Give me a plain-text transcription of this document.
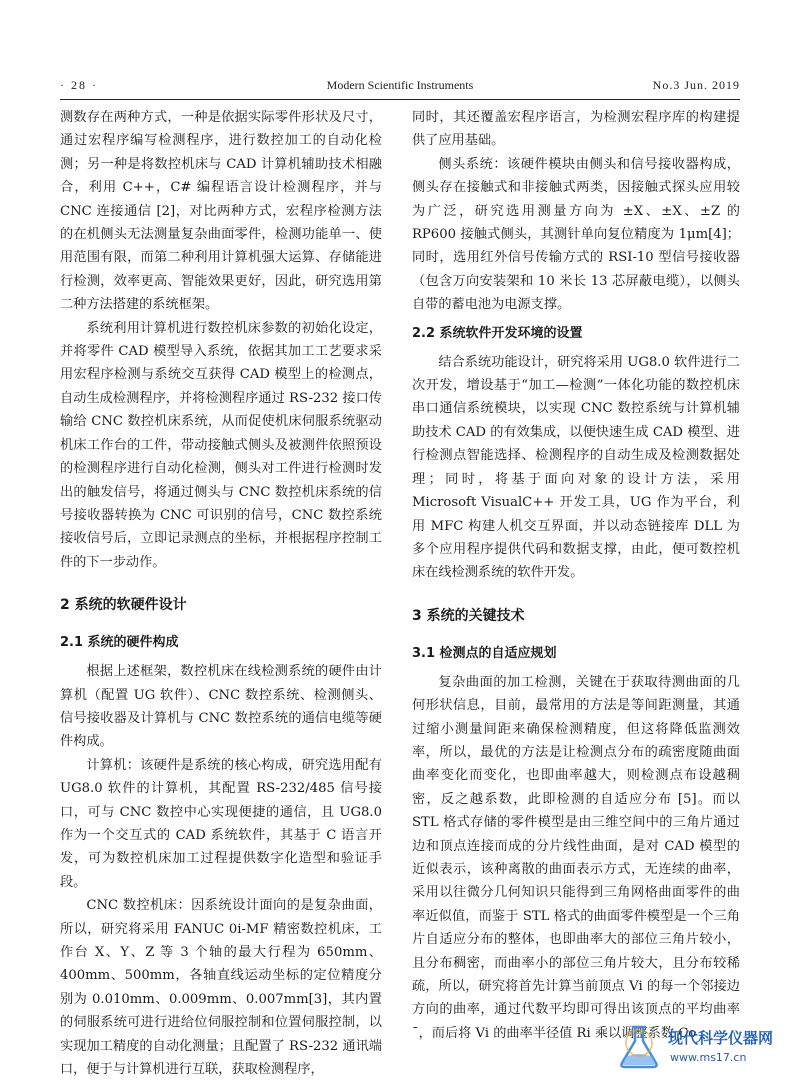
· 28 ·	Modern Scientific Instruments	No.3 Jun. 2019

测数存在两种方式，一种是依据实际零件形状及尺寸，通过宏程序编写检测程序，进行数控加工的自动化检测；另一种是将数控机床与 CAD 计算机辅助技术相融合，利用 C++，C# 编程语言设计检测程序，并与 CNC 连接通信 [2]，对比两种方式，宏程序检测方法的在机侧头无法测量复杂曲面零件，检测功能单一、使用范围有限，而第二种利用计算机强大运算、存储能进行检测，效率更高、智能效果更好，因此，研究选用第二种方法搭建的系统框架。

系统利用计算机进行数控机床参数的初始化设定，并将零件 CAD 模型导入系统，依据其加工工艺要求采用宏程序检测与系统交互获得 CAD 模型上的检测点，自动生成检测程序，并将检测程序通过 RS-232 接口传输给 CNC 数控机床系统，从而促使机床伺服系统驱动机床工作台的工件，带动接触式侧头及被测件依照预设的检测程序进行自动化检测，侧头对工件进行检测时发出的触发信号，将通过侧头与 CNC 数控机床系统的信号接收器转换为 CNC 可识别的信号，CNC 数控系统接收信号后，立即记录测点的坐标，并根据程序控制工件的下一步动作。

2 系统的软硬件设计
2.1 系统的硬件构成

根据上述框架，数控机床在线检测系统的硬件由计算机（配置 UG 软件）、CNC 数控系统、检测侧头、信号接收器及计算机与 CNC 数控系统的通信电缆等硬件构成。

计算机：该硬件是系统的核心构成，研究选用配有 UG8.0 软件的计算机，其配置 RS-232/485 信号接口，可与 CNC 数控中心实现便捷的通信，且 UG8.0 作为一个交互式的 CAD 系统软件，其基于 C 语言开发，可为数控机床加工过程提供数字化造型和验证手段。

CNC 数控机床：因系统设计面向的是复杂曲面，所以，研究将采用 FANUC 0i-MF 精密数控机床，工作台 X、Y、Z 等 3 个轴的最大行程为 650mm、400mm、500mm，各轴直线运动坐标的定位精度分别为 0.010mm、0.009mm、0.007mm[3]，其内置的伺服系统可进行进给位伺服控制和位置伺服控制，以实现加工精度的自动化测量；且配置了 RS-232 通讯端口，便于与计算机进行互联，获取检测程序，

同时，其还覆盖宏程序语言，为检测宏程序库的构建提供了应用基础。

侧头系统：该硬件模块由侧头和信号接收器构成，侧头存在接触式和非接触式两类，因接触式探头应用较为广泛，研究选用测量方向为 ±X、±X、±Z 的 RP600 接触式侧头，其测针单向复位精度为 1μm[4]；同时，选用红外信号传输方式的 RSI-10 型信号接收器（包含万向安装架和 10 米长 13 芯屏蔽电缆），以侧头自带的蓄电池为电源支撑。

2.2 系统软件开发环境的设置

结合系统功能设计，研究将采用 UG8.0 软件进行二次开发，增设基于“加工—检测”一体化功能的数控机床串口通信系统模块，以实现 CNC 数控系统与计算机辅助技术 CAD 的有效集成，以便快速生成 CAD 模型、进行检测点智能选择、检测程序的自动生成及检测数据处理；同时，将基于面向对象的设计方法，采用 Microsoft VisualC++ 开发工具，UG 作为平台，利用 MFC 构建人机交互界面，并以动态链接库 DLL 为多个应用程序提供代码和数据支撑，由此，便可数控机床在线检测系统的软件开发。

3 系统的关键技术
3.1 检测点的自适应规划

复杂曲面的加工检测，关键在于获取待测曲面的几何形状信息，目前，最常用的方法是等间距测量，其通过缩小测量间距来确保检测精度，但这将降低监测效率，所以，最优的方法是让检测点分布的疏密度随曲面曲率变化而变化，也即曲率越大，则检测点布设越稠密，反之越系数，此即检测的自适应分布 [5]。而以 STL 格式存储的零件模型是由三维空间中的三角片通过边和顶点连接而成的分片线性曲面，是对 CAD 模型的近似表示，该种离散的曲面表示方式，无连续的曲率，采用以往微分几何知识只能得到三角网格曲面零件的曲率近似值，而鉴于 STL 格式的曲面零件模型是一个三角片自适应分布的整体，也即曲率大的部位三角片较小，且分布稠密，而曲率小的部位三角片较大，且分布较稀疏，所以，研究将首先计算当前顶点 Vi 的每一个邻接边方向的曲率，通过代数平均即可得出该顶点的平均曲率 ¯，而后将 Vi 的曲率半径值 Ri 乘以调整系数 Co

现代科学仪器网
www.ms17.cn
